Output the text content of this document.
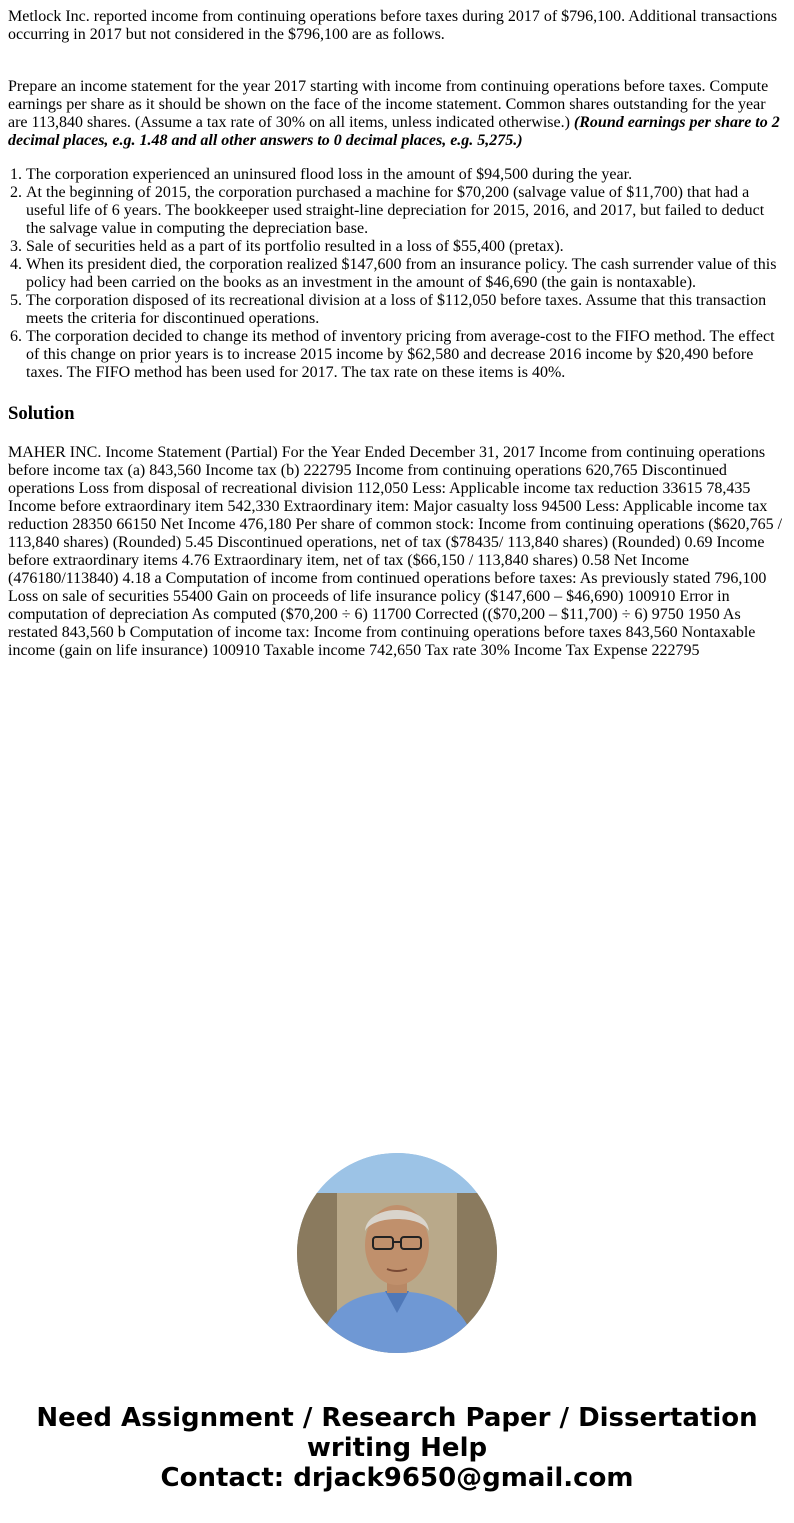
Metlock Inc. reported income from continuing operations before taxes during 2017 of $796,100. Additional transactions occurring in 2017 but not considered in the $796,100 are as follows.

Prepare an income statement for the year 2017 starting with income from continuing operations before taxes. Compute earnings per share as it should be shown on the face of the income statement. Common shares outstanding for the year are 113,840 shares. (Assume a tax rate of 30% on all items, unless indicated otherwise.) (Round earnings per share to 2 decimal places, e.g. 1.48 and all other answers to 0 decimal places, e.g. 5,275.)

1. The corporation experienced an uninsured flood loss in the amount of $94,500 during the year.
2. At the beginning of 2015, the corporation purchased a machine for $70,200 (salvage value of $11,700) that had a useful life of 6 years. The bookkeeper used straight-line depreciation for 2015, 2016, and 2017, but failed to deduct the salvage value in computing the depreciation base.
3. Sale of securities held as a part of its portfolio resulted in a loss of $55,400 (pretax).
4. When its president died, the corporation realized $147,600 from an insurance policy. The cash surrender value of this policy had been carried on the books as an investment in the amount of $46,690 (the gain is nontaxable).
5. The corporation disposed of its recreational division at a loss of $112,050 before taxes. Assume that this transaction meets the criteria for discontinued operations.
6. The corporation decided to change its method of inventory pricing from average-cost to the FIFO method. The effect of this change on prior years is to increase 2015 income by $62,580 and decrease 2016 income by $20,490 before taxes. The FIFO method has been used for 2017. The tax rate on these items is 40%.
Solution

MAHER INC. Income Statement (Partial) For the Year Ended December 31, 2017 Income from continuing operations before income tax (a) 843,560 Income tax (b) 222795 Income from continuing operations 620,765 Discontinued operations Loss from disposal of recreational division 112,050 Less: Applicable income tax reduction 33615 78,435 Income before extraordinary item 542,330 Extraordinary item: Major casualty loss 94500 Less: Applicable income tax reduction 28350 66150 Net Income 476,180 Per share of common stock: Income from continuing operations ($620,765 / 113,840 shares) (Rounded) 5.45 Discontinued operations, net of tax ($78435/ 113,840 shares) (Rounded) 0.69 Income before extraordinary items 4.76 Extraordinary item, net of tax ($66,150 / 113,840 shares) 0.58 Net Income (476180/113840) 4.18 a Computation of income from continued operations before taxes: As previously stated 796,100 Loss on sale of securities 55400 Gain on proceeds of life insurance policy ($147,600 – $46,690) 100910 Error in computation of depreciation As computed ($70,200 ÷ 6) 11700 Corrected (($70,200 – $11,700) ÷ 6) 9750 1950 As restated 843,560 b Computation of income tax: Income from continuing operations before taxes 843,560 Nontaxable income (gain on life insurance) 100910 Taxable income 742,650 Tax rate 30% Income Tax Expense 222795

Need Assignment / Research Paper / Dissertation writing Help
Contact: drjack9650@gmail.com
